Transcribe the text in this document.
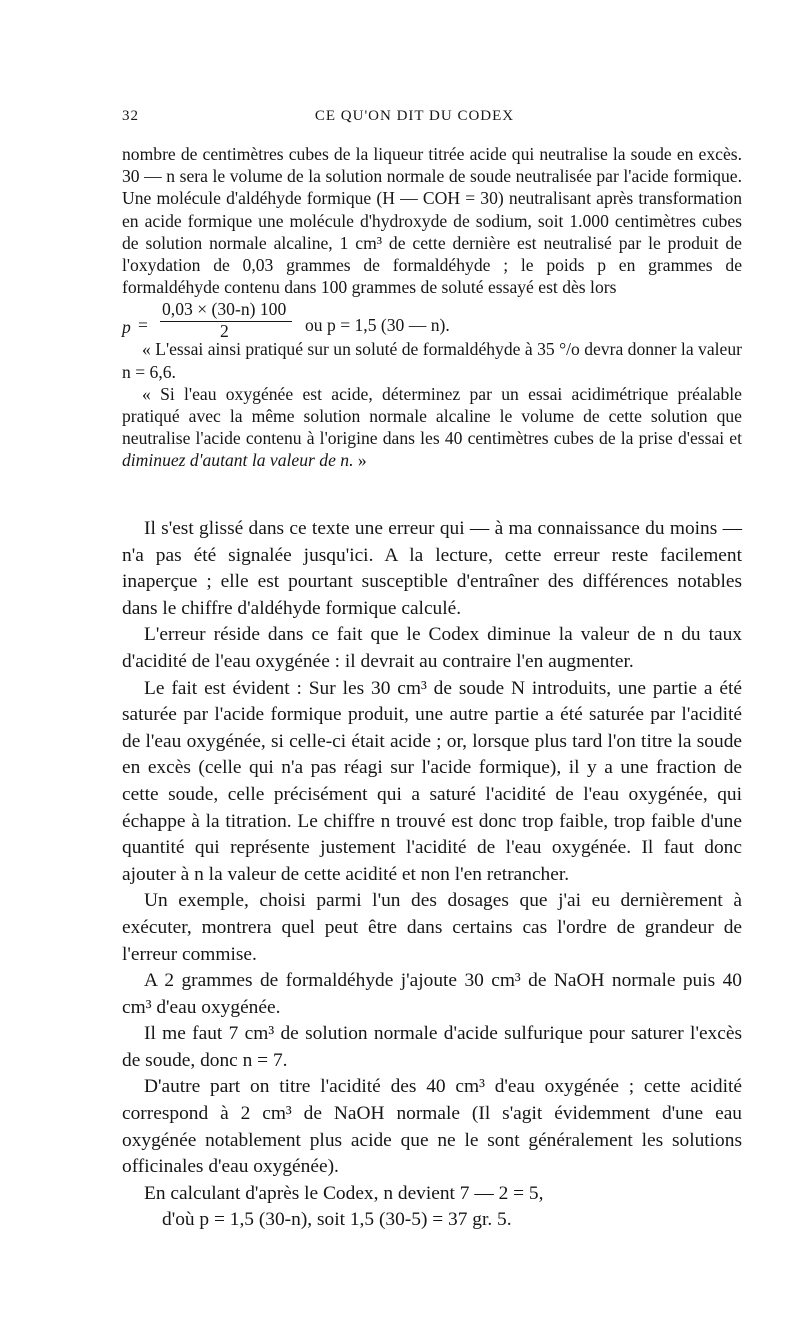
32	CE QU'ON DIT DU CODEX

nombre de centimètres cubes de la liqueur titrée acide qui neutralise la soude en excès. 30 — n sera le volume de la solution normale de soude neutralisée par l'acide formique. Une molécule d'aldéhyde formique (H — COH = 30) neutralisant après transformation en acide formique une molécule d'hydroxyde de sodium, soit 1.000 centimètres cubes de solution normale alcaline, 1 cm³ de cette dernière est neutralisé par le produit de l'oxydation de 0,03 grammes de formaldéhyde ; le poids p en grammes de formaldéhyde contenu dans 100 grammes de soluté essayé est dès lors

p =
0,03 × (30-n) 100
2	ou p = 1,5 (30 — n).

« L'essai ainsi pratiqué sur un soluté de formaldéhyde à 35 °/o devra donner la valeur n = 6,6.

« Si l'eau oxygénée est acide, déterminez par un essai acidimétrique préalable pratiqué avec la même solution normale alcaline le volume de cette solution que neutralise l'acide contenu à l'origine dans les 40 centimètres cubes de la prise d'essai et diminuez d'autant la valeur de n. »

Il s'est glissé dans ce texte une erreur qui — à ma connaissance du moins — n'a pas été signalée jusqu'ici. A la lecture, cette erreur reste facilement inaperçue ; elle est pourtant susceptible d'entraîner des différences notables dans le chiffre d'aldéhyde formique calculé.

L'erreur réside dans ce fait que le Codex diminue la valeur de n du taux d'acidité de l'eau oxygénée : il devrait au contraire l'en augmenter.

Le fait est évident : Sur les 30 cm³ de soude N introduits, une partie a été saturée par l'acide formique produit, une autre partie a été saturée par l'acidité de l'eau oxygénée, si celle-ci était acide ; or, lorsque plus tard l'on titre la soude en excès (celle qui n'a pas réagi sur l'acide formique), il y a une fraction de cette soude, celle précisément qui a saturé l'acidité de l'eau oxygénée, qui échappe à la titration. Le chiffre n trouvé est donc trop faible, trop faible d'une quantité qui représente justement l'acidité de l'eau oxygénée. Il faut donc ajouter à n la valeur de cette acidité et non l'en retrancher.

Un exemple, choisi parmi l'un des dosages que j'ai eu dernièrement à exécuter, montrera quel peut être dans certains cas l'ordre de grandeur de l'erreur commise.

A 2 grammes de formaldéhyde j'ajoute 30 cm³ de NaOH normale puis 40 cm³ d'eau oxygénée.

Il me faut 7 cm³ de solution normale d'acide sulfurique pour saturer l'excès de soude, donc n = 7.

D'autre part on titre l'acidité des 40 cm³ d'eau oxygénée ; cette acidité correspond à 2 cm³ de NaOH normale (Il s'agit évidemment d'une eau oxygénée notablement plus acide que ne le sont généralement les solutions officinales d'eau oxygénée).

En calculant d'après le Codex, n devient 7 — 2 = 5,

d'où p = 1,5 (30-n), soit 1,5 (30-5) = 37 gr. 5.
